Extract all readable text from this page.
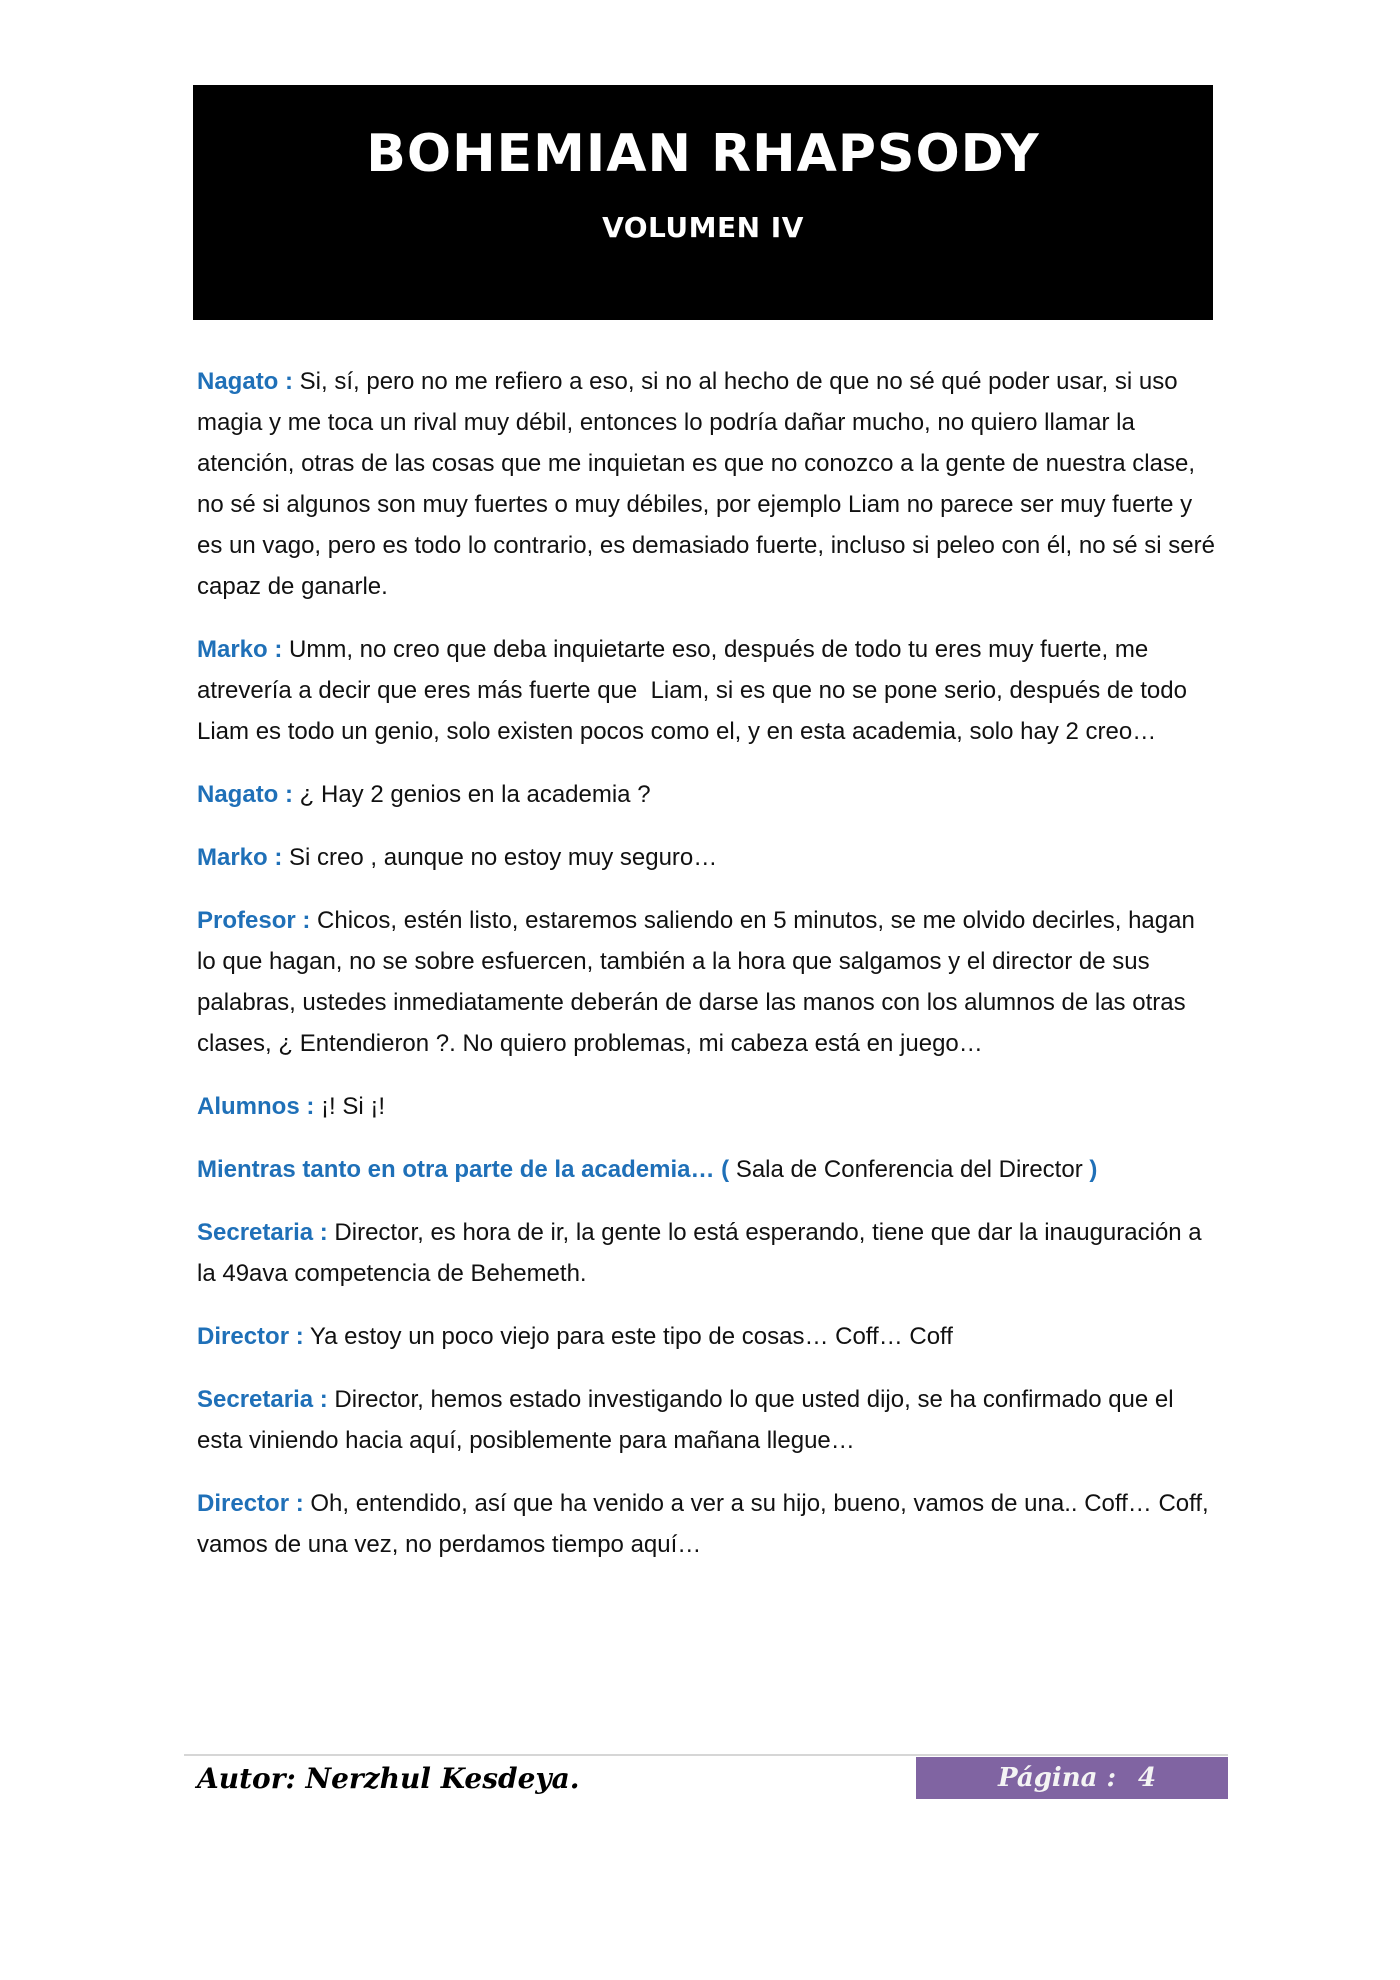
BOHEMIAN RHAPSODY
VOLUMEN IV

Nagato : Si, sí, pero no me refiero a eso, si no al hecho de que no sé qué poder usar, si uso magia y me toca un rival muy débil, entonces lo podría dañar mucho, no quiero llamar la atención, otras de las cosas que me inquietan es que no conozco a la gente de nuestra clase, no sé si algunos son muy fuertes o muy débiles, por ejemplo Liam no parece ser muy fuerte y es un vago, pero es todo lo contrario, es demasiado fuerte, incluso si peleo con él, no sé si seré capaz de ganarle.

Marko : Umm, no creo que deba inquietarte eso, después de todo tu eres muy fuerte, me atrevería a decir que eres más fuerte que  Liam, si es que no se pone serio, después de todo Liam es todo un genio, solo existen pocos como el, y en esta academia, solo hay 2 creo…

Nagato : ¿ Hay 2 genios en la academia ?

Marko : Si creo , aunque no estoy muy seguro…

Profesor : Chicos, estén listo, estaremos saliendo en 5 minutos, se me olvido decirles, hagan lo que hagan, no se sobre esfuercen, también a la hora que salgamos y el director de sus palabras, ustedes inmediatamente deberán de darse las manos con los alumnos de las otras clases, ¿ Entendieron ?. No quiero problemas, mi cabeza está en juego…

Alumnos : ¡! Si ¡!

Mientras tanto en otra parte de la academia… ( Sala de Conferencia del Director )

Secretaria : Director, es hora de ir, la gente lo está esperando, tiene que dar la inauguración a la 49ava competencia de Behemeth.

Director : Ya estoy un poco viejo para este tipo de cosas… Coff… Coff

Secretaria : Director, hemos estado investigando lo que usted dijo, se ha confirmado que el esta viniendo hacia aquí, posiblemente para mañana llegue…

Director : Oh, entendido, así que ha venido a ver a su hijo, bueno, vamos de una.. Coff… Coff, vamos de una vez, no perdamos tiempo aquí…

Autor: Nerzhul Kesdeya.	Página : 4
